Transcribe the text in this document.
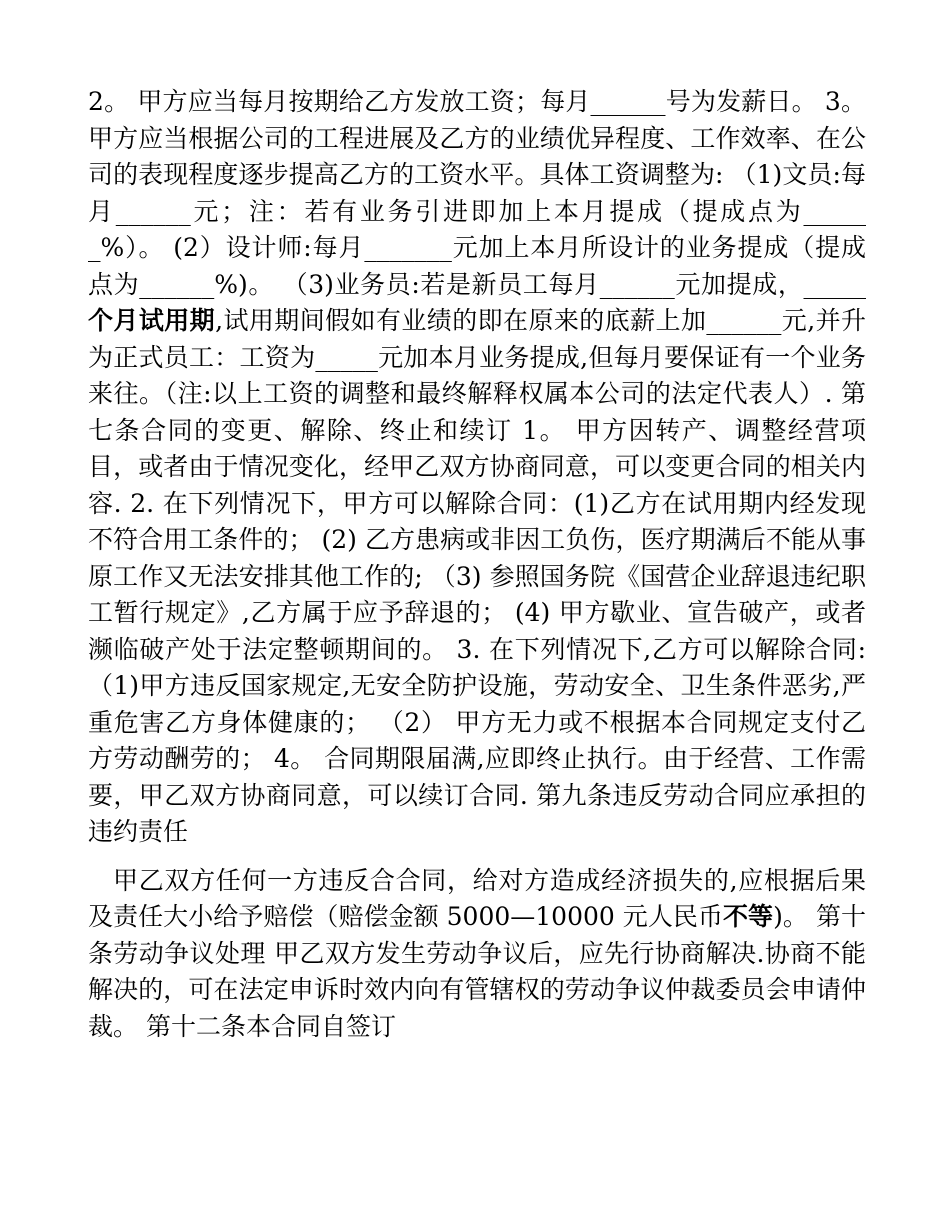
2。 甲方应当每月按期给乙方发放工资；每月______号为发薪日。 3。甲方应当根据公司的工程进展及乙方的业绩优异程度、工作效率、在公司的表现程度逐步提高乙方的工资水平。具体工资调整为: （1)文员:每月______元；注：若有业务引进即加上本月提成（提成点为______%）。 (2）设计师:每月_______元加上本月所设计的业务提成（提成点为______%)。 （3)业务员:若是新员工每月______元加提成，_____个月试用期,试用期间假如有业绩的即在原来的底薪上加______元,并升为正式员工：工资为_____元加本月业务提成,但每月要保证有一个业务来往。（注:以上工资的调整和最终解释权属本公司的法定代表人）. 第七条合同的变更、解除、终止和续订 1。 甲方因转产、调整经营项目，或者由于情况变化，经甲乙双方协商同意，可以变更合同的相关内容. 2. 在下列情况下，甲方可以解除合同：(1)乙方在试用期内经发现不符合用工条件的； (2) 乙方患病或非因工负伤，医疗期满后不能从事原工作又无法安排其他工作的; （3) 参照国务院《国营企业辞退违纪职工暂行规定》,乙方属于应予辞退的； (4) 甲方歇业、宣告破产，或者濒临破产处于法定整顿期间的。 3. 在下列情况下,乙方可以解除合同: （1)甲方违反国家规定,无安全防护设施，劳动安全、卫生条件恶劣,严重危害乙方身体健康的； （2） 甲方无力或不根据本合同规定支付乙方劳动酬劳的； 4。 合同期限届满,应即终止执行。由于经营、工作需要，甲乙双方协商同意，可以续订合同. 第九条违反劳动合同应承担的违约责任

甲乙双方任何一方违反合合同，给对方造成经济损失的,应根据后果及责任大小给予赔偿（赔偿金额 5000—10000 元人民币不等)。 第十条劳动争议处理 甲乙双方发生劳动争议后，应先行协商解决.协商不能解决的，可在法定申诉时效内向有管辖权的劳动争议仲裁委员会申请仲裁。 第十二条本合同自签订
